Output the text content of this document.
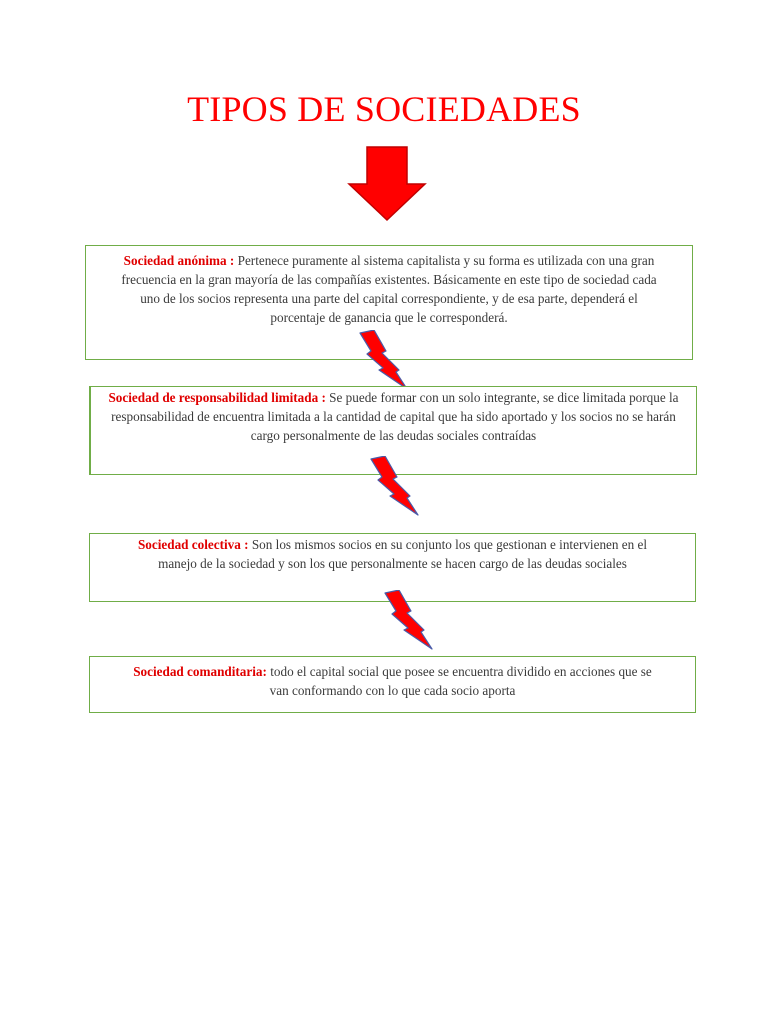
TIPOS DE SOCIEDADES
Sociedad anónima : Pertenece puramente al sistema capitalista y su forma es utilizada con una gran frecuencia en la gran mayoría de las compañías existentes. Básicamente en este tipo de sociedad cada uno de los socios representa una parte del capital correspondiente, y de esa parte, dependerá el porcentaje de ganancia que le corresponderá.
Sociedad de responsabilidad limitada : Se puede formar con un solo integrante, se dice limitada porque la responsabilidad de encuentra limitada a la cantidad de capital que ha sido aportado y los socios no se harán cargo personalmente de las deudas sociales contraídas
Sociedad colectiva : Son los mismos socios en su conjunto los que gestionan e intervienen en el manejo de la sociedad y son los que personalmente se hacen cargo de las deudas sociales
Sociedad comanditaria: todo el capital social que posee se encuentra dividido en acciones que se van conformando con lo que cada socio aporta
